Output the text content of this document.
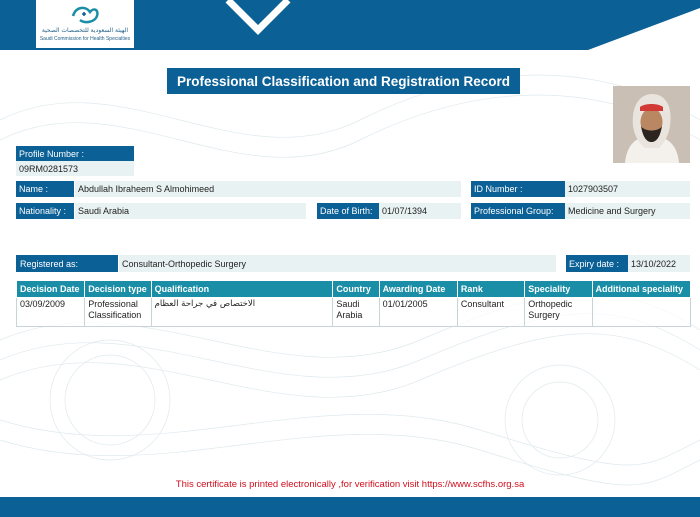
الهيئة السعودية للتخصصات الصحية
Saudi Commission for Health Specialties
Professional Classification and Registration Record
Profile Number :
09RM0281573
Name :	Abdullah Ibraheem S Almohimeed	ID Number :	1027903507
Nationality :	Saudi Arabia	Date of Birth:	01/07/1394	Professional Group:	Medicine and Surgery
Registered as:	Consultant-Orthopedic Surgery	Expiry date :	13/10/2022
Decision Date	Decision type	Qualification	Country	Awarding Date	Rank	Speciality	Additional speciality
03/09/2009	Professional Classification	الاختصاص في جراحة العظام	Saudi Arabia	01/01/2005	Consultant	Orthopedic Surgery	
This certificate is printed electronically ,for verification visit https://www.scfhs.org.sa
